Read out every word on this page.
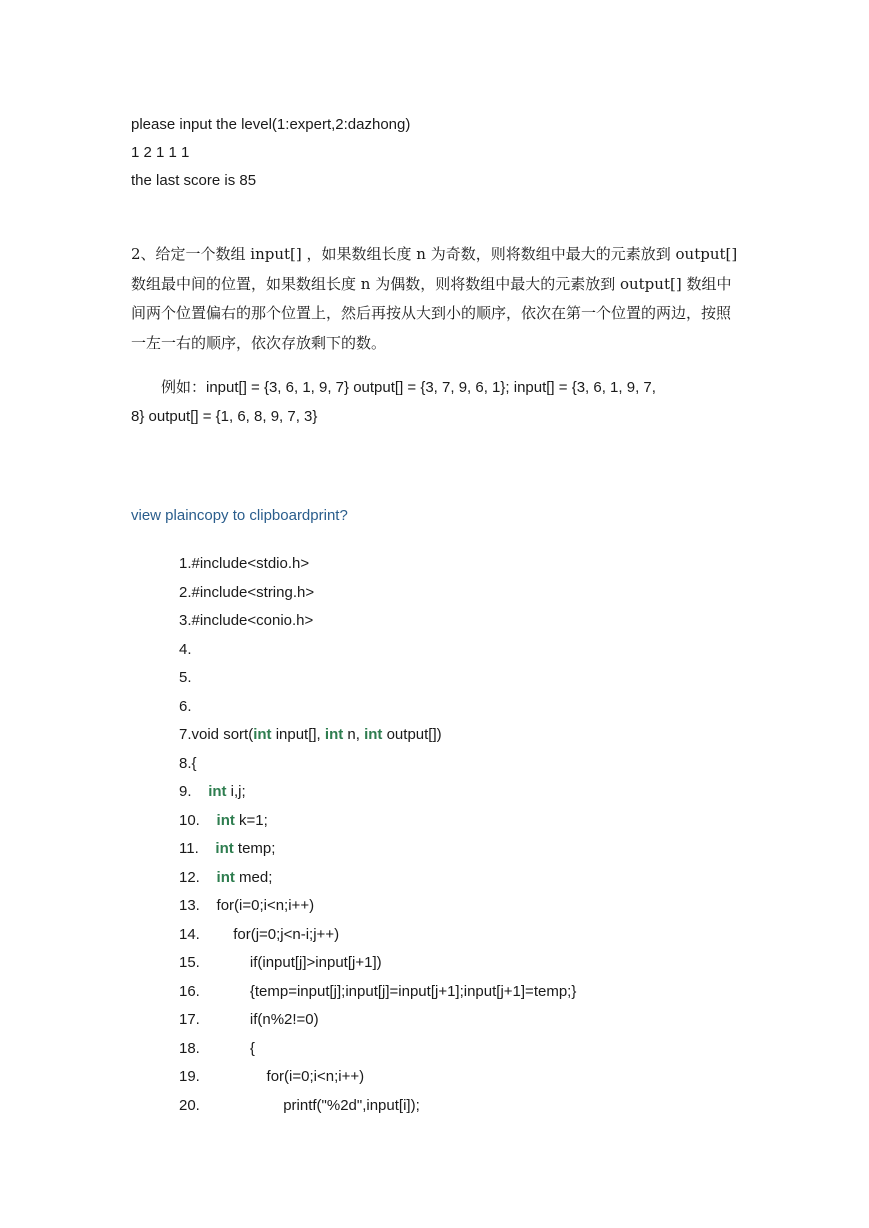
please input the level(1:expert,2:dazhong)
1 2 1 1 1
the last score is 85
2、给定一个数组 input[] ，如果数组长度 n 为奇数，则将数组中最大的元素放到 output[] 数组最中间的位置，如果数组长度 n 为偶数，则将数组中最大的元素放到 output[] 数组中间两个位置偏右的那个位置上，然后再按从大到小的顺序，依次在第一个位置的两边，按照一左一右的顺序，依次存放剩下的数。
例如：input[] = {3, 6, 1, 9, 7} output[] = {3, 7, 9, 6, 1}; input[] = {3, 6, 1, 9, 7,
8} output[] = {1, 6, 8, 9, 7, 3}
view plaincopy to clipboardprint?
1.#include<stdio.h>
2.#include<string.h>
3.#include<conio.h>
4.
5.
6.
7.void sort(int input[], int n, int output[])
8.{
9.    int i,j;
10.    int k=1;
11.    int temp;
12.    int med;
13.    for(i=0;i<n;i++)
14.        for(j=0;j<n-i;j++)
15.            if(input[j]>input[j+1])
16.            {temp=input[j];input[j]=input[j+1];input[j+1]=temp;}
17.            if(n%2!=0)
18.            {
19.                for(i=0;i<n;i++)
20.                    printf("%2d",input[i]);
